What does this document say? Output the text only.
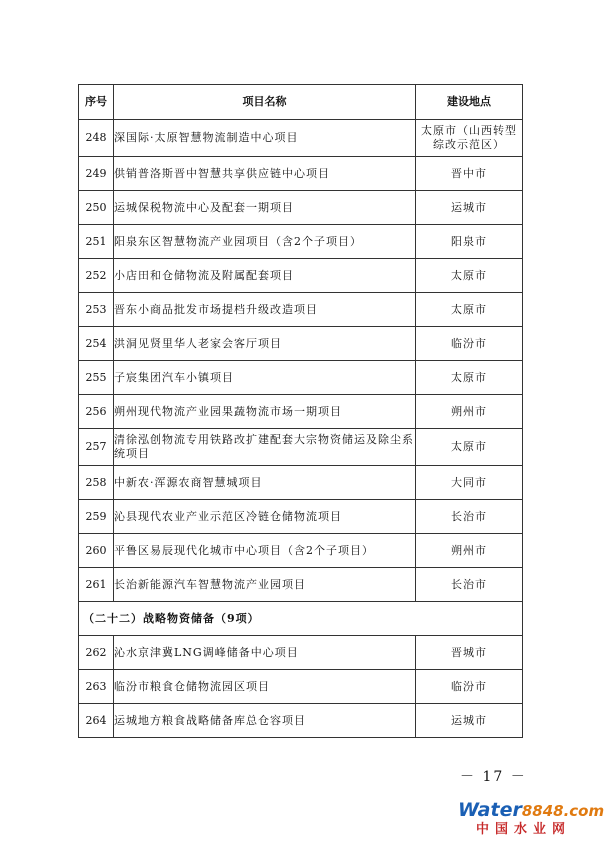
序号	项目名称	建设地点
248	深国际·太原智慧物流制造中心项目	太原市（山西转型综改示范区）
249	供销普洛斯晋中智慧共享供应链中心项目	晋中市
250	运城保税物流中心及配套一期项目	运城市
251	阳泉东区智慧物流产业园项目（含2个子项目）	阳泉市
252	小店田和仓储物流及附属配套项目	太原市
253	晋东小商品批发市场提档升级改造项目	太原市
254	洪洞见贤里华人老家会客厅项目	临汾市
255	子宸集团汽车小镇项目	太原市
256	朔州现代物流产业园果蔬物流市场一期项目	朔州市
257	清徐泓创物流专用铁路改扩建配套大宗物资储运及除尘系统项目	太原市
258	中新农·浑源农商智慧城项目	大同市
259	沁县现代农业产业示范区冷链仓储物流项目	长治市
260	平鲁区易辰现代化城市中心项目（含2个子项目）	朔州市
261	长治新能源汽车智慧物流产业园项目	长治市
（二十二）战略物资储备（9项）		
262	沁水京津冀LNG调峰储备中心项目	晋城市
263	临汾市粮食仓储物流园区项目	临汾市
264	运城地方粮食战略储备库总仓容项目	运城市
－ 17 －
Water8848.com
中国水业网
